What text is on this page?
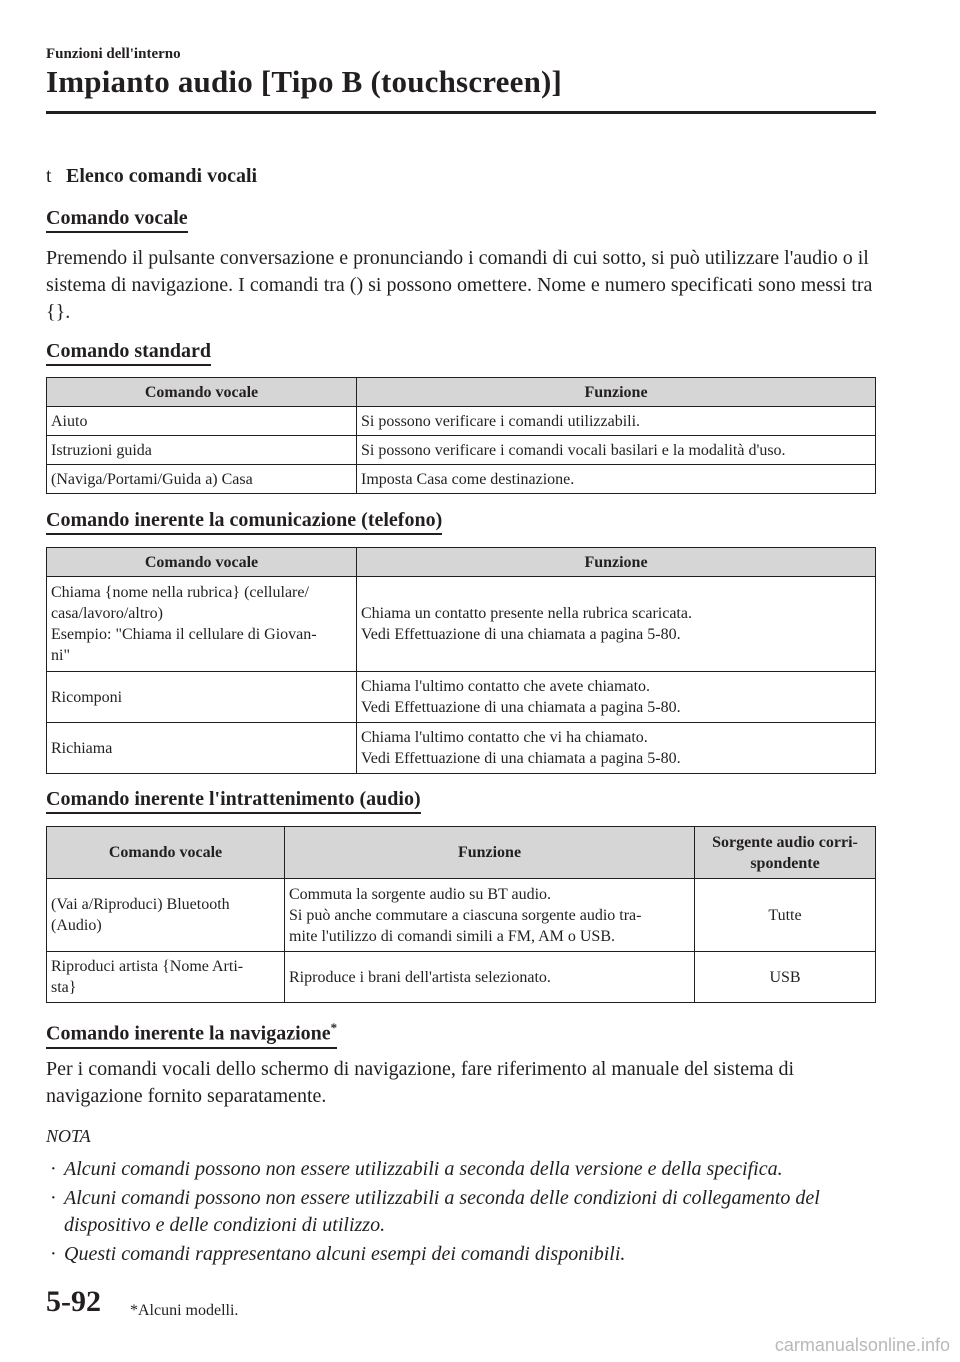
Funzioni dell'interno
Impianto audio [Tipo B (touchscreen)]
t Elenco comandi vocali
Comando vocale
Premendo il pulsante conversazione e pronunciando i comandi di cui sotto, si può utilizzare l'audio o il sistema di navigazione. I comandi tra () si possono omettere. Nome e numero specificati sono messi tra {}.
Comando standard
Comando vocale	Funzione
Aiuto	Si possono verificare i comandi utilizzabili.
Istruzioni guida	Si possono verificare i comandi vocali basilari e la modalità d'uso.
(Naviga/Portami/Guida a) Casa	Imposta Casa come destinazione.
Comando inerente la comunicazione (telefono)
Comando vocale	Funzione
Chiama {nome nella rubrica} (cellulare/
casa/lavoro/altro)
Esempio: "Chiama il cellulare di Giovan-
ni"	Chiama un contatto presente nella rubrica scaricata.
Vedi Effettuazione di una chiamata a pagina 5-80.
Ricomponi	Chiama l'ultimo contatto che avete chiamato.
Vedi Effettuazione di una chiamata a pagina 5-80.
Richiama	Chiama l'ultimo contatto che vi ha chiamato.
Vedi Effettuazione di una chiamata a pagina 5-80.
Comando inerente l'intrattenimento (audio)
Comando vocale	Funzione	Sorgente audio corri-
spondente
(Vai a/Riproduci) Bluetooth
(Audio)	Commuta la sorgente audio su BT audio.
Si può anche commutare a ciascuna sorgente audio tra-
mite l'utilizzo di comandi simili a FM, AM o USB.	Tutte
Riproduci artista {Nome Arti-
sta}	Riproduce i brani dell'artista selezionato.	USB
Comando inerente la navigazione*
Per i comandi vocali dello schermo di navigazione, fare riferimento al manuale del sistema di navigazione fornito separatamente.
NOTA
· Alcuni comandi possono non essere utilizzabili a seconda della versione e della specifica.
· Alcuni comandi possono non essere utilizzabili a seconda delle condizioni di collegamento del dispositivo e delle condizioni di utilizzo.
· Questi comandi rappresentano alcuni esempi dei comandi disponibili.
5-92 *Alcuni modelli.
carmanualsonline.info
